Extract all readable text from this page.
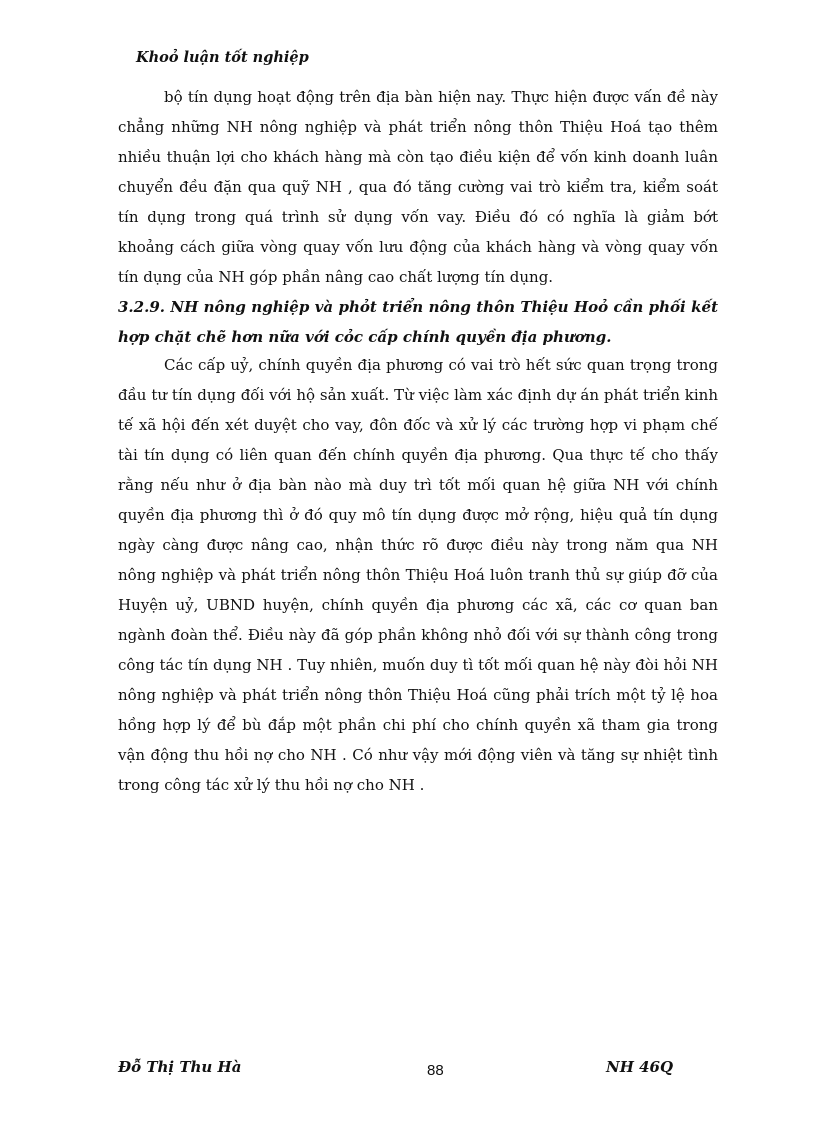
Khoỏ luận tốt nghiệp

bộ tín dụng hoạt động trên địa bàn hiện nay. Thực hiện được vấn đề này chẳng những NH nông nghiệp và phát triển nông thôn Thiệu Hoá tạo thêm nhiều thuận lợi cho khách hàng mà còn tạo điều kiện để vốn kinh doanh luân chuyển đều đặn qua quỹ NH , qua đó tăng cường vai trò kiểm tra, kiểm soát tín dụng trong quá trình sử dụng vốn vay. Điều đó có nghĩa là giảm bớt khoảng cách giữa vòng quay vốn lưu động của khách hàng và vòng quay vốn tín dụng của NH góp phần nâng cao chất lượng tín dụng.

3.2.9. NH nông nghiệp và phỏt triển nông thôn Thiệu Hoỏ cần phối kết hợp chặt chẽ hơn nữa với cỏc cấp chính quyền địa phương.

Các cấp uỷ, chính quyền địa phương có vai trò hết sức quan trọng trong đầu tư tín dụng đối với hộ sản xuất. Từ việc làm xác định dự án phát triển kinh tế xã hội đến xét duyệt cho vay, đôn đốc và xử lý các trường hợp vi phạm chế tài tín dụng có liên quan đến chính quyền địa phương. Qua thực tế cho thấy rằng nếu như ở địa bàn nào mà duy trì tốt mối quan hệ giữa NH với chính quyền địa phương thì ở đó quy mô tín dụng được mở rộng, hiệu quả tín dụng ngày càng được nâng cao, nhận thức rõ được điều này trong năm qua NH nông nghiệp và phát triển nông thôn Thiệu Hoá luôn tranh thủ sự giúp đỡ của Huyện uỷ, UBND huyện, chính quyền địa phương các xã, các cơ quan ban ngành đoàn thể. Điều này đã góp phần không nhỏ đối với sự thành công trong công tác tín dụng NH . Tuy nhiên, muốn duy tì tốt mối quan hệ này đòi hỏi NH nông nghiệp và phát triển nông thôn Thiệu Hoá cũng phải trích một tỷ lệ hoa hồng hợp lý để bù đắp một phần chi phí cho chính quyền xã tham gia trong vận động thu hồi nợ cho NH . Có như vậy mới động viên và tăng sự nhiệt tình trong công tác xử lý thu hồi nợ cho NH .

Đỗ Thị Thu Hà	88	NH 46Q
